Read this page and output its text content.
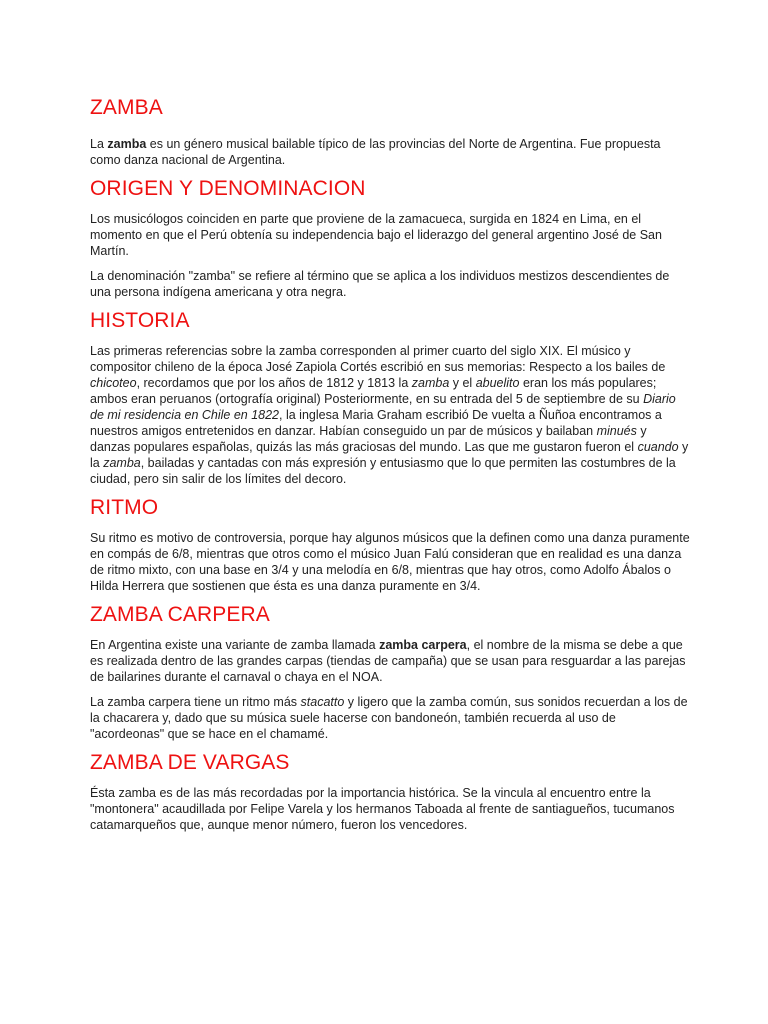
ZAMBA

La zamba es un género musical bailable típico de las provincias del Norte de Argentina. Fue propuesta como danza nacional de Argentina.

ORIGEN Y DENOMINACION

Los musicólogos coinciden en parte que proviene de la zamacueca, surgida en 1824 en Lima, en el momento en que el Perú obtenía su independencia bajo el liderazgo del general argentino José de San Martín.

La denominación "zamba" se refiere al término que se aplica a los individuos mestizos descendientes de una persona indígena americana y otra negra.

HISTORIA

Las primeras referencias sobre la zamba corresponden al primer cuarto del siglo XIX. El músico y compositor chileno de la época José Zapiola Cortés escribió en sus memorias: Respecto a los bailes de chicoteo, recordamos que por los años de 1812 y 1813 la zamba y el abuelito eran los más populares; ambos eran peruanos (ortografía original) Posteriormente, en su entrada del 5 de septiembre de su Diario de mi residencia en Chile en 1822, la inglesa Maria Graham escribió De vuelta a Ñuñoa encontramos a nuestros amigos entretenidos en danzar. Habían conseguido un par de músicos y bailaban minués y danzas populares españolas, quizás las más graciosas del mundo. Las que me gustaron fueron el cuando y la zamba, bailadas y cantadas con más expresión y entusiasmo que lo que permiten las costumbres de la ciudad, pero sin salir de los límites del decoro.

RITMO

Su ritmo es motivo de controversia, porque hay algunos músicos que la definen como una danza puramente en compás de 6/8, mientras que otros como el músico Juan Falú consideran que en realidad es una danza de ritmo mixto, con una base en 3/4 y una melodía en 6/8, mientras que hay otros, como Adolfo Ábalos o Hilda Herrera que sostienen que ésta es una danza puramente en 3/4.

ZAMBA CARPERA

En Argentina existe una variante de zamba llamada zamba carpera, el nombre de la misma se debe a que es realizada dentro de las grandes carpas (tiendas de campaña) que se usan para resguardar a las parejas de bailarines durante el carnaval o chaya en el NOA.

La zamba carpera tiene un ritmo más stacatto y ligero que la zamba común, sus sonidos recuerdan a los de la chacarera y, dado que su música suele hacerse con bandoneón, también recuerda al uso de "acordeonas" que se hace en el chamamé.

ZAMBA DE VARGAS

Ésta zamba es de las más recordadas por la importancia histórica. Se la vincula al encuentro entre la "montonera" acaudillada por Felipe Varela y los hermanos Taboada al frente de santiagueños, tucumanos catamarqueños que, aunque menor número, fueron los vencedores.
